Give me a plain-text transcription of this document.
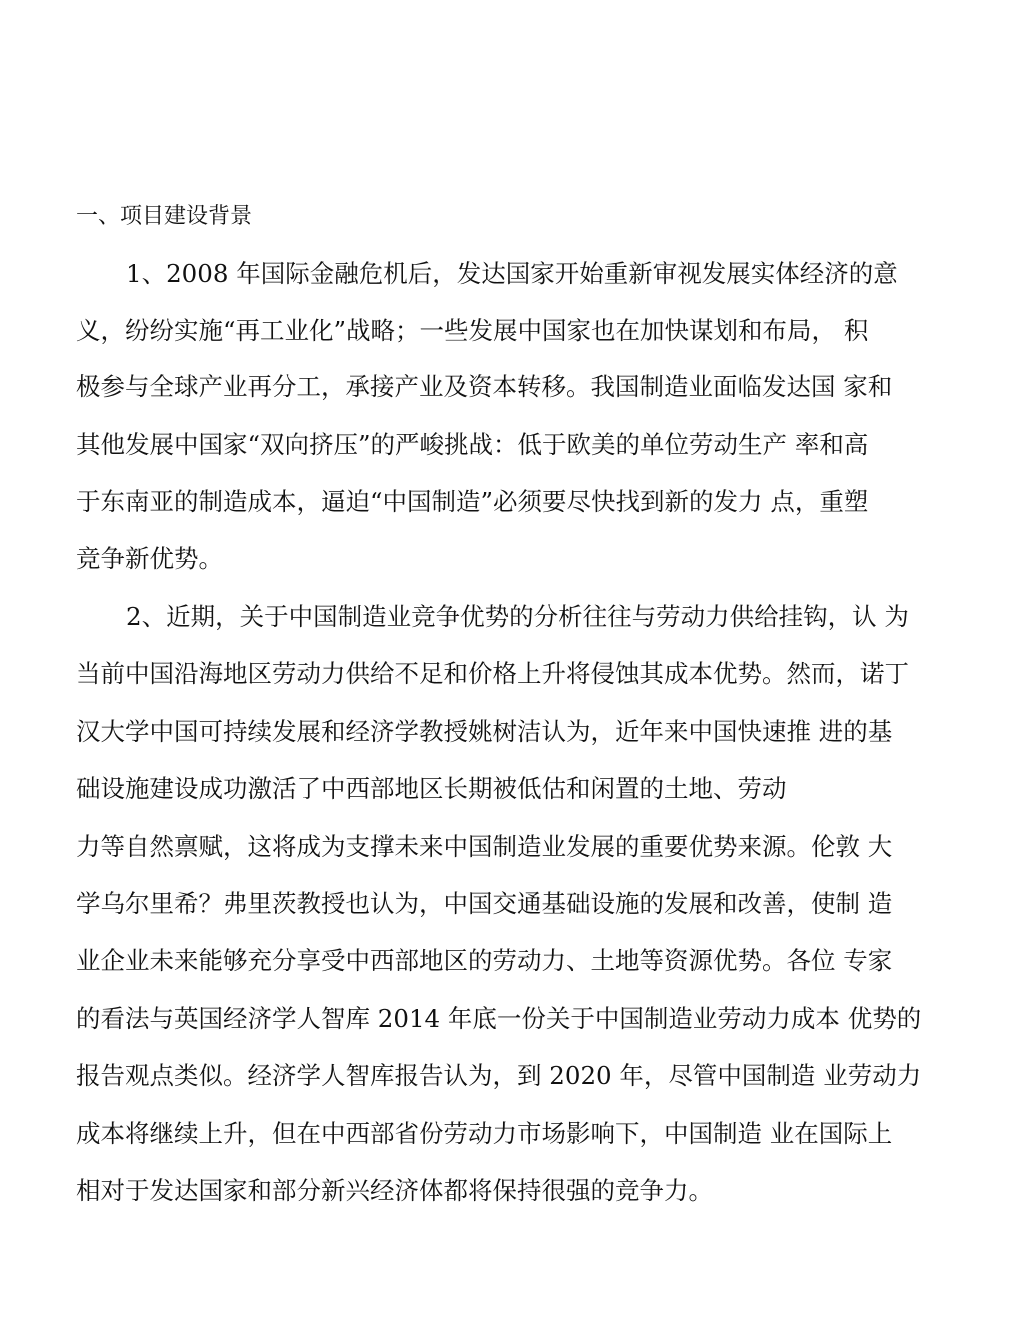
一、项目建设背景
1、2008 年国际金融危机后，发达国家开始重新审视发展实体经济的意
义，纷纷实施“再工业化”战略；一些发展中国家也在加快谋划和布局， 积
极参与全球产业再分工，承接产业及资本转移。我国制造业面临发达国 家和
其他发展中国家“双向挤压”的严峻挑战：低于欧美的单位劳动生产 率和高
于东南亚的制造成本，逼迫“中国制造”必须要尽快找到新的发力 点，重塑
竞争新优势。
2、近期，关于中国制造业竞争优势的分析往往与劳动力供给挂钩，认 为
当前中国沿海地区劳动力供给不足和价格上升将侵蚀其成本优势。然而，诺丁
汉大学中国可持续发展和经济学教授姚树洁认为，近年来中国快速推 进的基
础设施建设成功激活了中西部地区长期被低估和闲置的土地、劳动
力等自然禀赋，这将成为支撑未来中国制造业发展的重要优势来源。伦敦 大
学乌尔里希？弗里茨教授也认为，中国交通基础设施的发展和改善，使制 造
业企业未来能够充分享受中西部地区的劳动力、土地等资源优势。各位 专家
的看法与英国经济学人智库 2014 年底一份关于中国制造业劳动力成本 优势的
报告观点类似。经济学人智库报告认为，到 2020 年，尽管中国制造 业劳动力
成本将继续上升，但在中西部省份劳动力市场影响下，中国制造 业在国际上
相对于发达国家和部分新兴经济体都将保持很强的竞争力。
